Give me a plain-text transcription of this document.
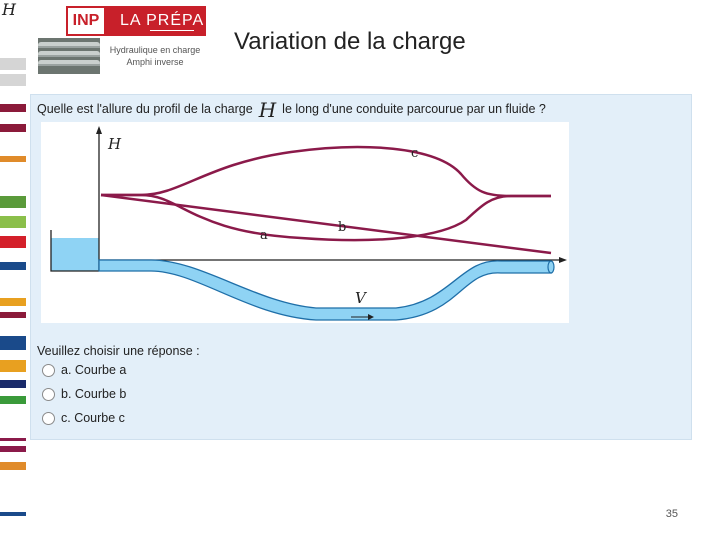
H
INP	LA PRÉPA
Hydraulique en charge
Amphi inverse
Variation de la charge
Quelle est l'allure du profil de la charge H le long d'une conduite parcourue par un fluide ?
H
c
b
a
V
Veuillez choisir une réponse :
a. Courbe a
b. Courbe b
c. Courbe c
35
